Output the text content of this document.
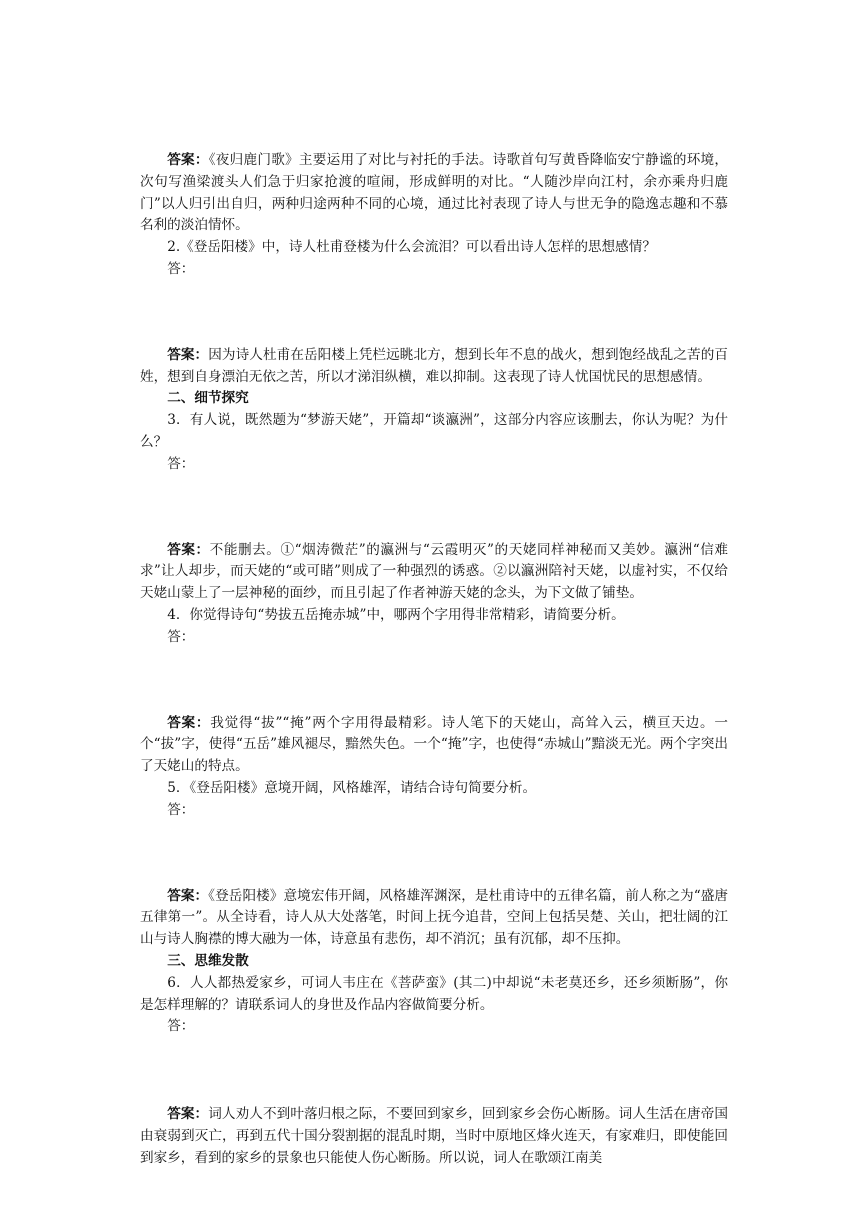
答案：《夜归鹿门歌》主要运用了对比与衬托的手法。诗歌首句写黄昏降临安宁静谧的环境，次句写渔梁渡头人们急于归家抢渡的喧闹，形成鲜明的对比。“人随沙岸向江村，余亦乘舟归鹿门”以人归引出自归，两种归途两种不同的心境，通过比衬表现了诗人与世无争的隐逸志趣和不慕名利的淡泊情怀。

2.《登岳阳楼》中，诗人杜甫登楼为什么会流泪？可以看出诗人怎样的思想感情？

答：

答案：因为诗人杜甫在岳阳楼上凭栏远眺北方，想到长年不息的战火，想到饱经战乱之苦的百姓，想到自身漂泊无依之苦，所以才涕泪纵横，难以抑制。这表现了诗人忧国忧民的思想感情。

二、细节探究

3．有人说，既然题为“梦游天姥”，开篇却“谈瀛洲”，这部分内容应该删去，你认为呢？为什么？

答：

答案：不能删去。①“烟涛微茫”的瀛洲与“云霞明灭”的天姥同样神秘而又美妙。瀛洲“信难求”让人却步，而天姥的“或可睹”则成了一种强烈的诱惑。②以瀛洲陪衬天姥，以虚衬实，不仅给天姥山蒙上了一层神秘的面纱，而且引起了作者神游天姥的念头，为下文做了铺垫。

4．你觉得诗句“势拔五岳掩赤城”中，哪两个字用得非常精彩，请简要分析。

答：

答案：我觉得“拔”“掩”两个字用得最精彩。诗人笔下的天姥山，高耸入云，横亘天边。一个“拔”字，使得“五岳”雄风褪尽，黯然失色。一个“掩”字，也使得“赤城山”黯淡无光。两个字突出了天姥山的特点。

5．《登岳阳楼》意境开阔，风格雄浑，请结合诗句简要分析。

答：

答案：《登岳阳楼》意境宏伟开阔，风格雄浑渊深，是杜甫诗中的五律名篇，前人称之为“盛唐五律第一”。从全诗看，诗人从大处落笔，时间上抚今追昔，空间上包括吴楚、关山，把壮阔的江山与诗人胸襟的博大融为一体，诗意虽有悲伤，却不消沉；虽有沉郁，却不压抑。

三、思维发散

6．人人都热爱家乡，可词人韦庄在《菩萨蛮》(其二)中却说“未老莫还乡，还乡须断肠”，你是怎样理解的？请联系词人的身世及作品内容做简要分析。

答：

答案：词人劝人不到叶落归根之际，不要回到家乡，回到家乡会伤心断肠。词人生活在唐帝国由衰弱到灭亡，再到五代十国分裂割据的混乱时期，当时中原地区烽火连天，有家难归，即使能回到家乡，看到的家乡的景象也只能使人伤心断肠。所以说，词人在歌颂江南美
